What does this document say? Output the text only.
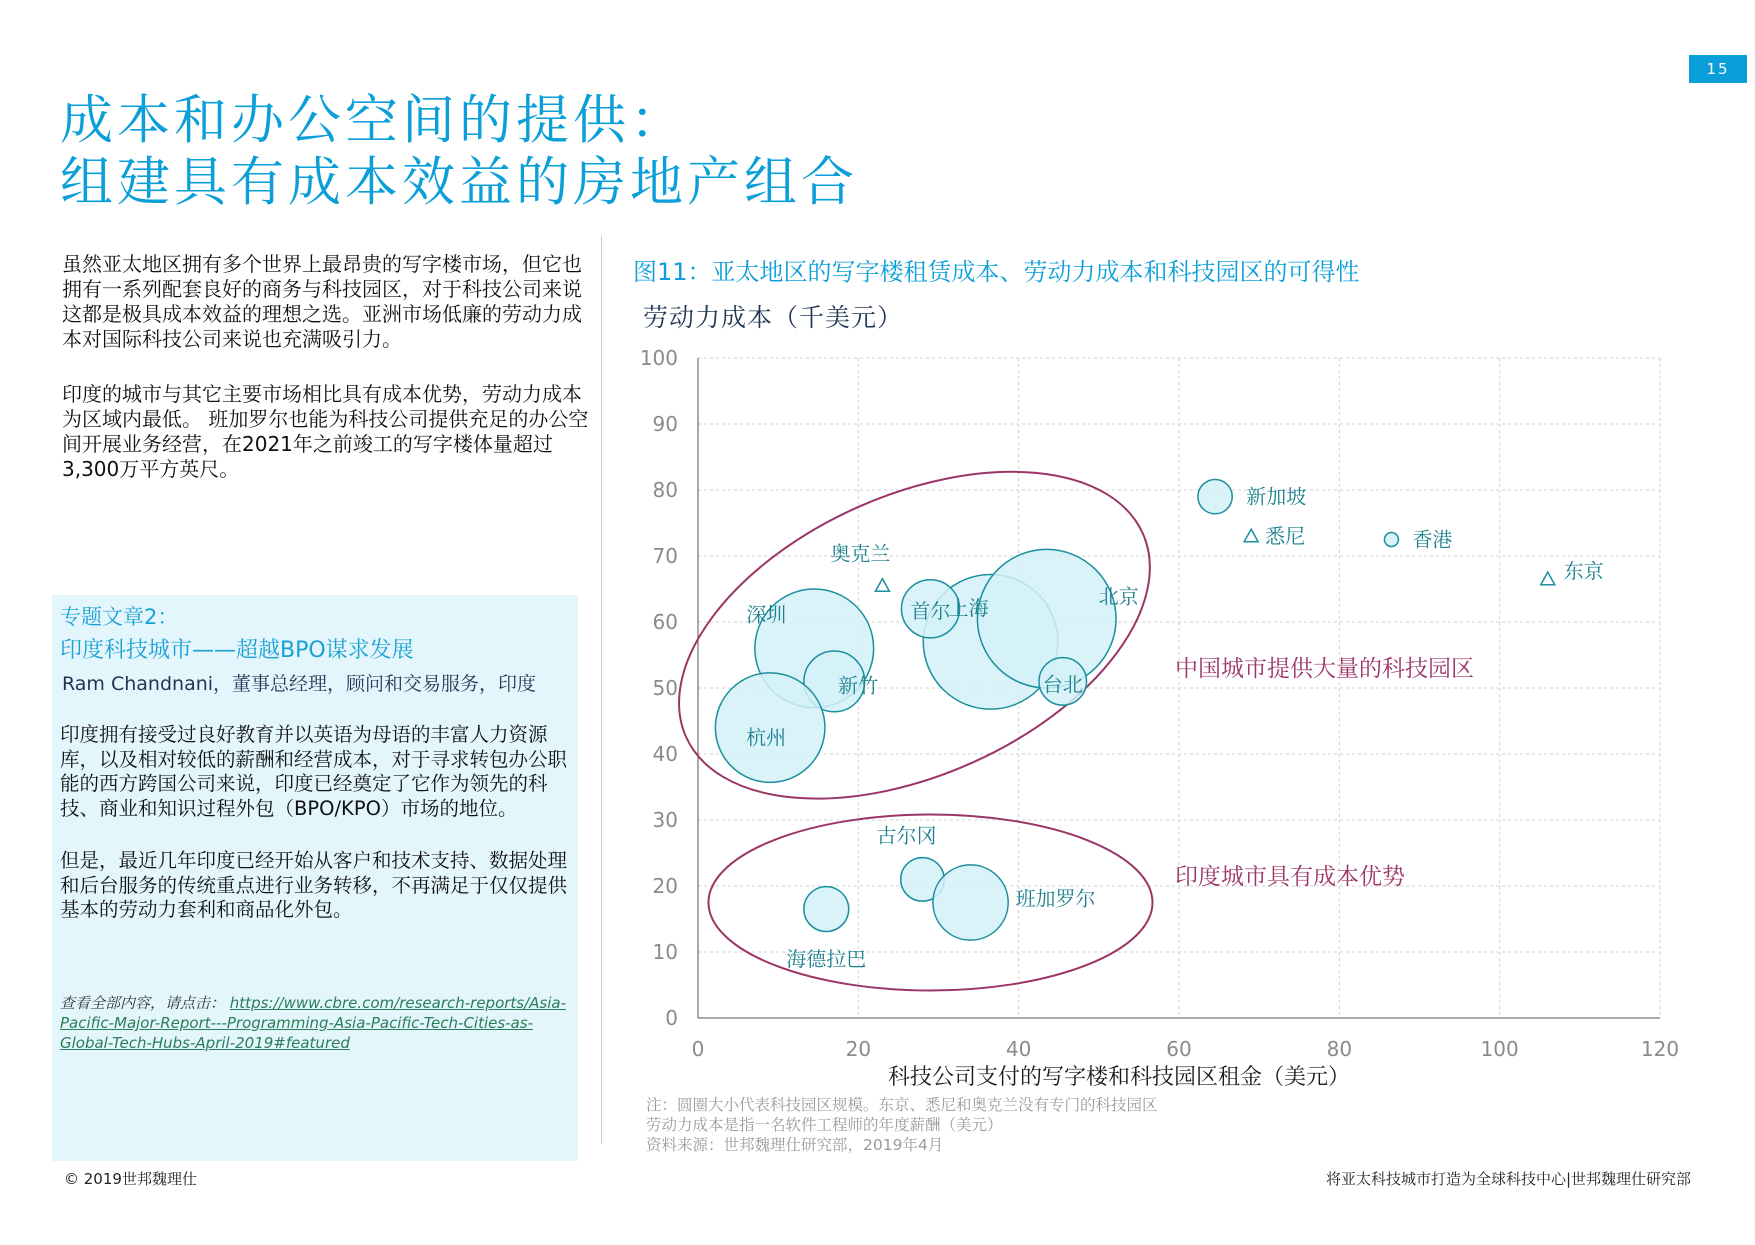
15
成本和办公空间的提供：
组建具有成本效益的房地产组合

虽然亚太地区拥有多个世界上最昂贵的写字楼市场，但它也拥有一系列配套良好的商务与科技园区，对于科技公司来说这都是极具成本效益的理想之选。亚洲市场低廉的劳动力成本对国际科技公司来说也充满吸引力。

印度的城市与其它主要市场相比具有成本优势，劳动力成本为区域内最低。 班加罗尔也能为科技公司提供充足的办公空间开展业务经营，在2021年之前竣工的写字楼体量超过3,300万平方英尺。

专题文章2：
印度科技城市——超越BPO谋求发展
Ram Chandnani，董事总经理，顾问和交易服务，印度

印度拥有接受过良好教育并以英语为母语的丰富人力资源库，以及相对较低的薪酬和经营成本，对于寻求转包办公职能的西方跨国公司来说，印度已经奠定了它作为领先的科技、商业和知识过程外包（BPO/KPO）市场的地位。

但是，最近几年印度已经开始从客户和技术支持、数据处理和后台服务的传统重点进行业务转移，不再满足于仅仅提供基本的劳动力套利和商品化外包。

查看全部内容，请点击： https://www.cbre.com/research-reports/Asia-Pacific-Major-Report---Programming-Asia-Pacific-Tech-Cities-as-Global-Tech-Hubs-April-2019#featured
图11：亚太地区的写字楼租赁成本、劳动力成本和科技园区的可得性
劳动力成本（千美元）
0
10
20
30
40
50
60
70
80
90
100
0	20	40	60	80	100	120
科技公司支付的写字楼和科技园区租金（美元）
新加坡
悉尼	香港
东京
奥克兰
上海	北京
首尔
台北
深圳
新竹
杭州
古尔冈
班加罗尔
海德拉巴
中国城市提供大量的科技园区
印度城市具有成本优势
注：圆圈大小代表科技园区规模。东京、悉尼和奥克兰没有专门的科技园区
劳动力成本是指一名软件工程师的年度薪酬（美元）
资料来源：世邦魏理仕研究部，2019年4月
© 2019世邦魏理仕	将亚太科技城市打造为全球科技中心|世邦魏理仕研究部
